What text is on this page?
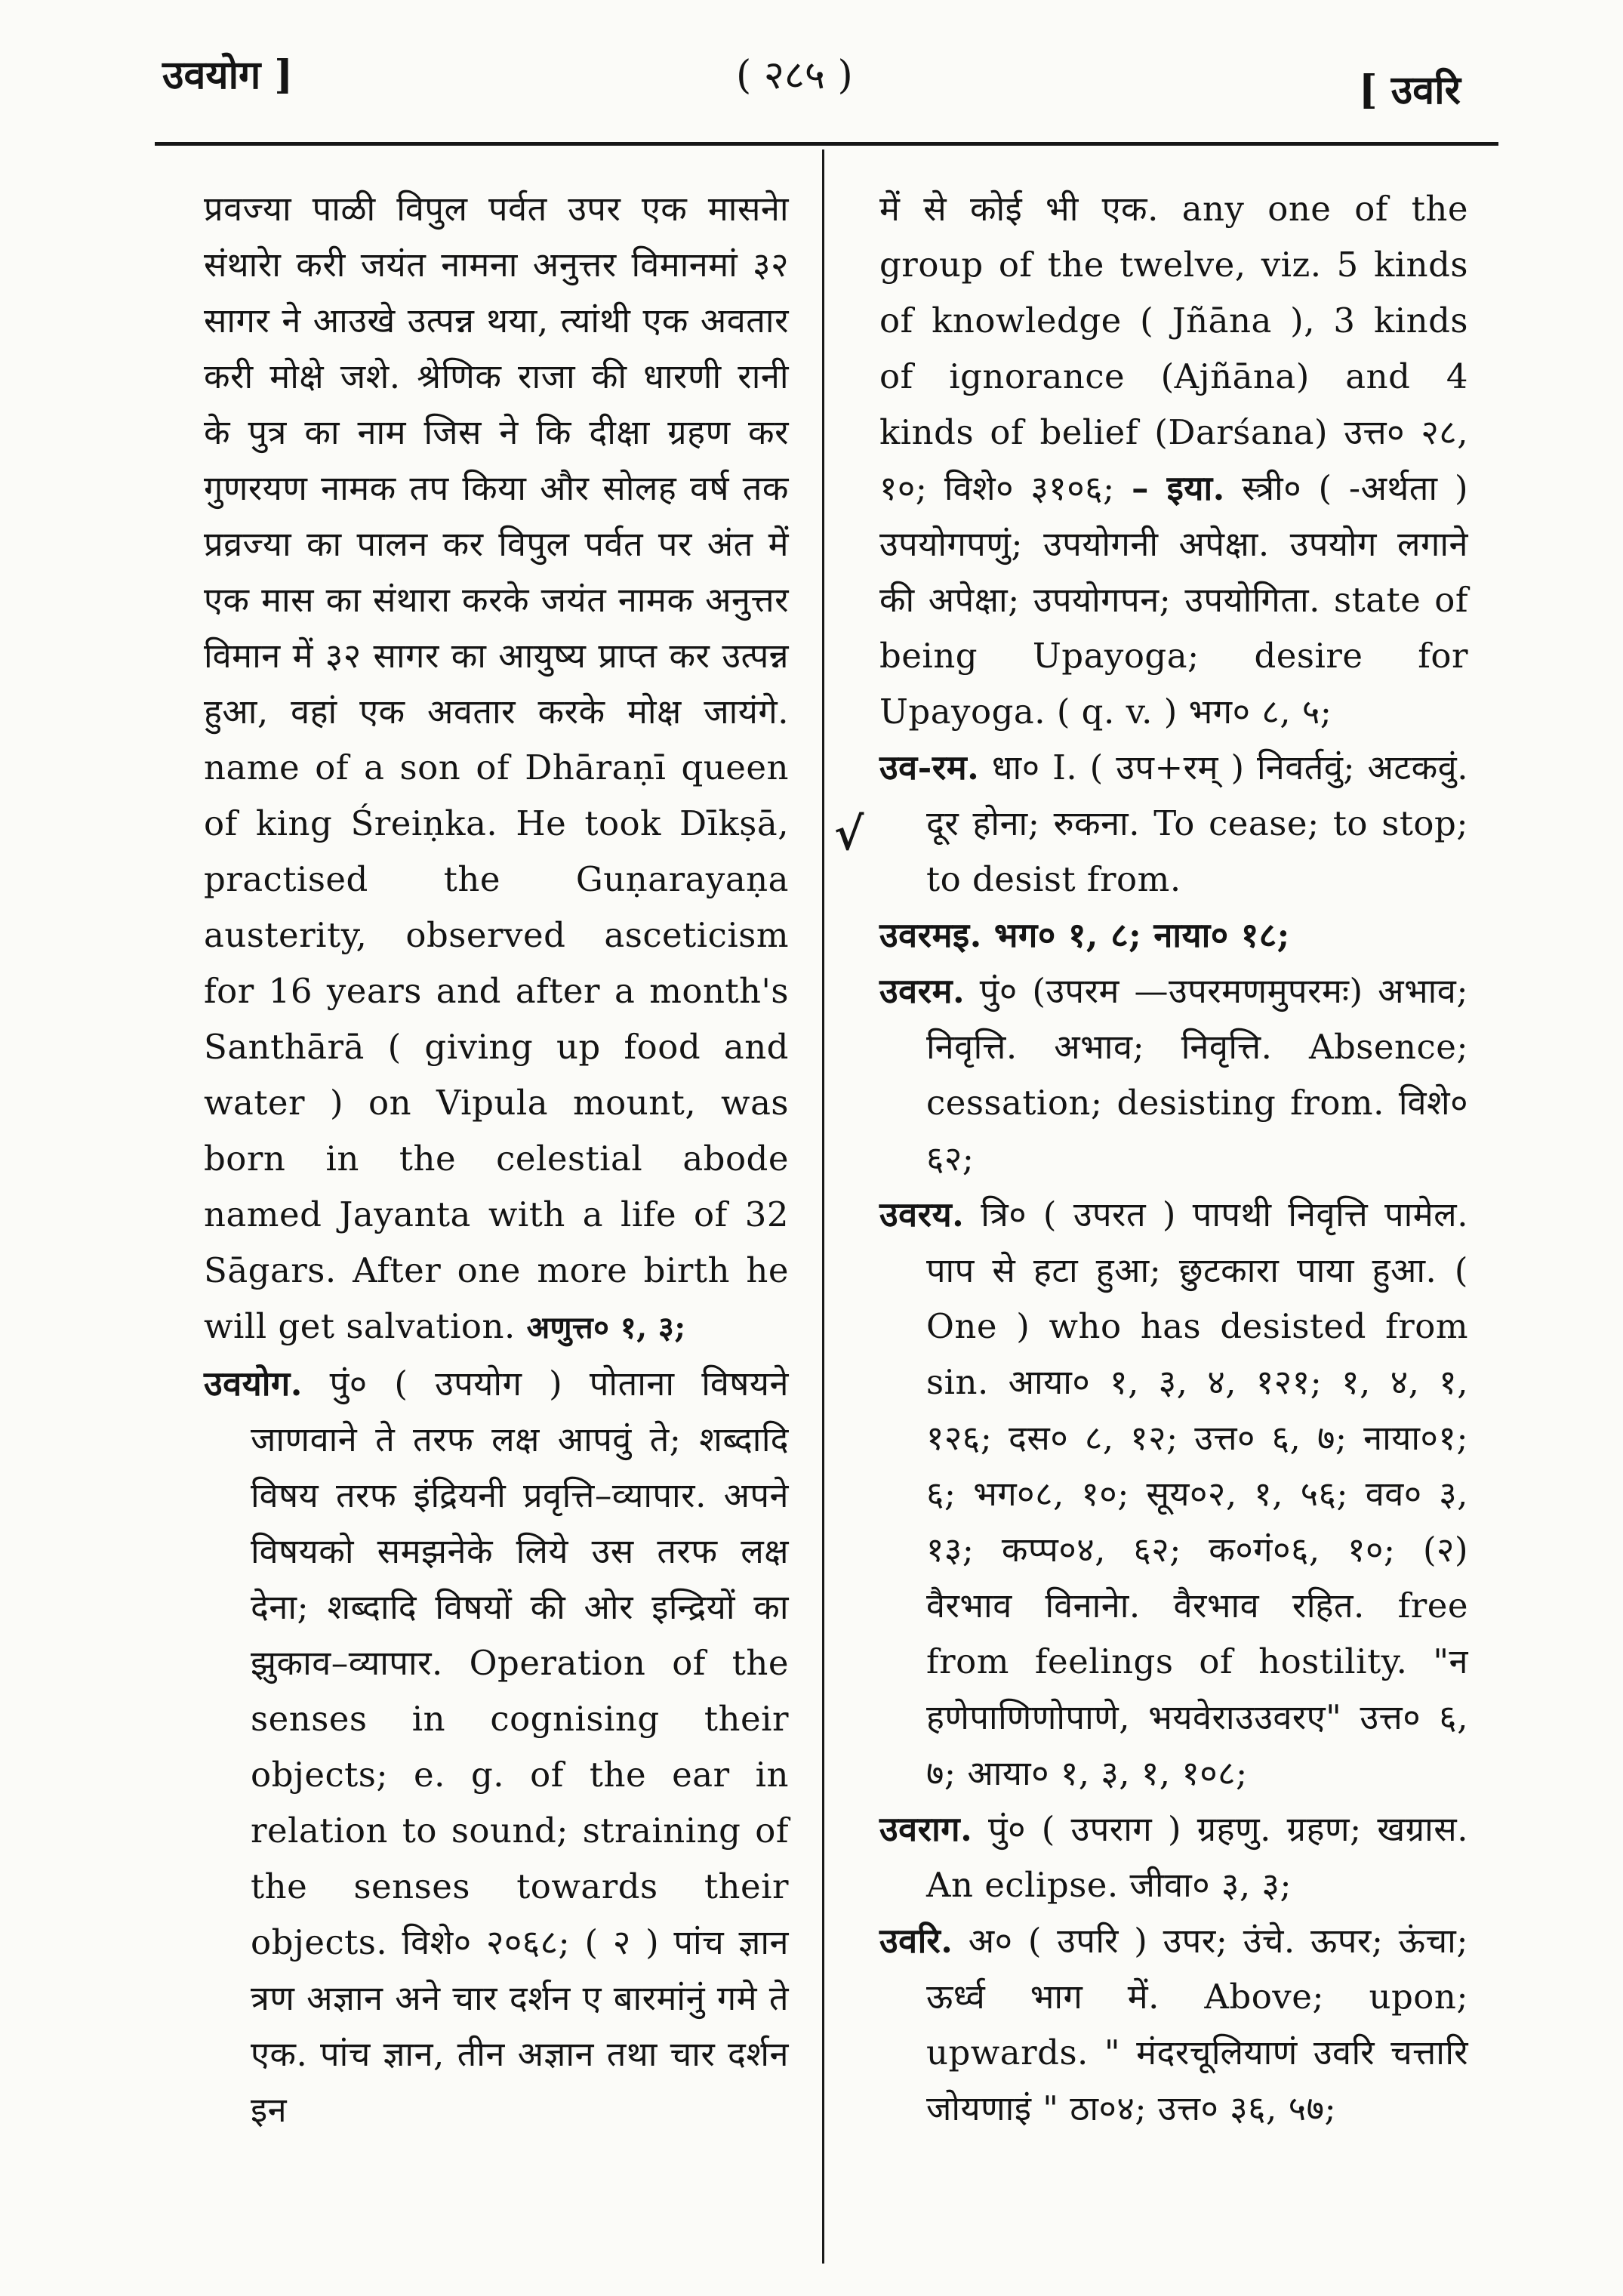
उवयोग ]	( २८५ )	[ उवरि
√

प्रवज्या पाळी विपुल पर्वत उपर एक मासनेा संथारेा करी जयंत नामना अनुत्तर विमानमां ३२ सागर ने आउखे उत्पन्न थया, त्यांथी एक अवतार करी मोक्षे जशे. श्रेणिक राजा की धारणी रानी के पुत्र का नाम जिस ने कि दीक्षा ग्रहण कर गुणरयण नामक तप किया और सोलह वर्ष तक प्रव्रज्या का पालन कर विपुल पर्वत पर अंत में एक मास का संथारा करके जयंत नामक अनुत्तर विमान में ३२ सागर का आयुष्य प्राप्त कर उत्पन्न हुआ, वहां एक अवतार करके मोक्ष जायंगे. name of a son of Dhāraṇī queen of king Śreiṇka. He took Dīkṣā, practised the Guṇarayaṇa austerity, observed asceticism for 16 years and after a month's Santhārā ( giving up food and water ) on Vipula mount, was born in the celestial abode named Jayanta with a life of 32 Sāgars. After one more birth he will get salvation. अणुत्त० १, ३;

उवयोग. पुं० ( उपयोग ) पोताना विषयने जाणवाने ते तरफ लक्ष आपवुं ते; शब्दादि विषय तरफ इंद्रियनी प्रवृत्ति–व्यापार. अपने विषयको समझनेके लिये उस तरफ लक्ष देना; शब्दादि विषयों की ओर इन्द्रियों का झुकाव–व्यापार. Operation of the senses in cognising their objects; e. g. of the ear in relation to sound; straining of the senses towards their objects. विशे० २०६८; ( २ ) पांच ज्ञान त्रण अज्ञान अने चार दर्शन ए बारमांनुं गमे ते एक. पांच ज्ञान, तीन अज्ञान तथा चार दर्शन इन

में से कोई भी एक. any one of the group of the twelve, viz. 5 kinds of knowledge ( Jñāna ), 3 kinds of ignorance (Ajñāna) and 4 kinds of belief (Darśana) उत्त० २८, १०; विशे० ३१०६; – इया. स्त्री० ( -अर्थता ) उपयोगपणुं; उपयोगनी अपेक्षा. उपयोग लगाने की अपेक्षा; उपयोगपन; उपयोगिता. state of being Upayoga; desire for Upayoga. ( q. v. ) भग० ८, ५;

उव-रम. धा० I. ( उप+रम् ) निवर्तवुं; अटकवुं. दूर होना; रुकना. To cease; to stop; to desist from.

उवरमइ. भग० १, ८; नाया० १८;

उवरम. पुं० (उपरम —उपरमणमुपरमः) अभाव; निवृत्ति. अभाव; निवृत्ति. Absence; cessation; desisting from. विशे० ६२;

उवरय. त्रि० ( उपरत ) पापथी निवृत्ति पामेल. पाप से हटा हुआ; छुटकारा पाया हुआ. ( One ) who has desisted from sin. आया० १, ३, ४, १२१; १, ४, १, १२६; दस० ८, १२; उत्त० ६, ७; नाया०१; ६; भग०८, १०; सूय०२, १, ५६; वव० ३, १३; कप्प०४, ६२; क०गं०६, १०; (२) वैरभाव विनानेा. वैरभाव रहित. free from feelings of hostility. "न हणेपाणिणोपाणे, भयवेराउउवरए" उत्त० ६, ७; आया० १, ३, १, १०८;

उवराग. पुं० ( उपराग ) ग्रहणु. ग्रहण; खग्रास. An eclipse. जीवा० ३, ३;

उवरि. अ० ( उपरि ) उपर; उंचे. ऊपर; ऊंचा; ऊर्ध्व भाग में. Above; upon; upwards. " मंदरचूलियाणं उवरि चत्तारि जोयणाइं " ठा०४; उत्त० ३६, ५७;
